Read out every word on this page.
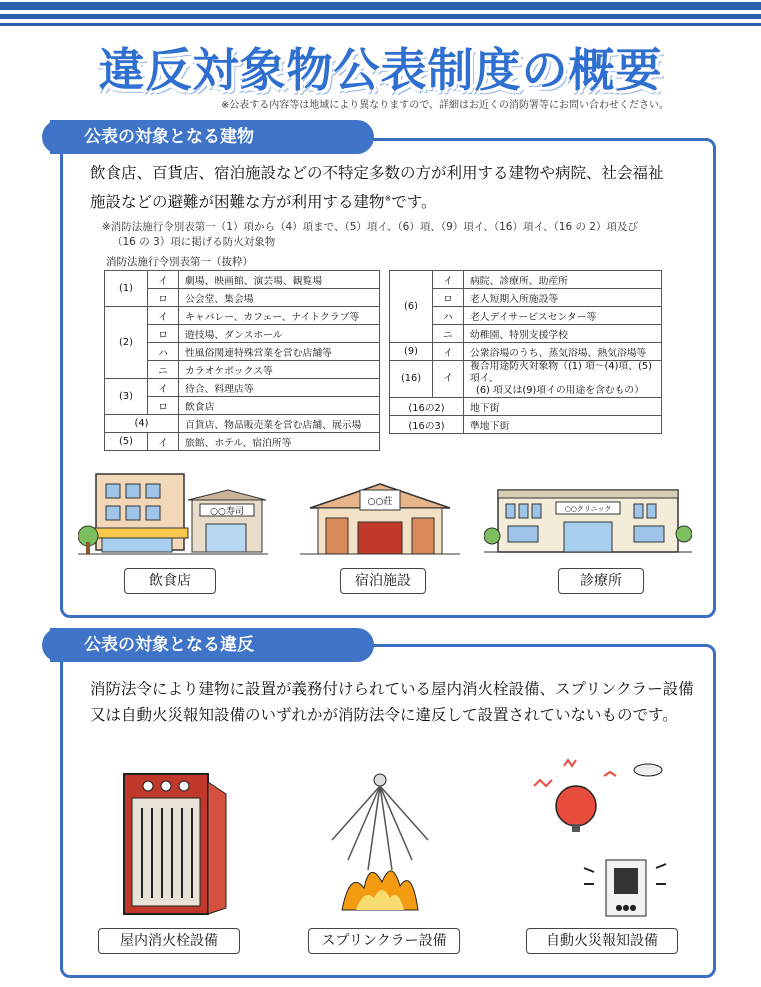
違反対象物公表制度の概要
※公表する内容等は地域により異なりますので、詳細はお近くの消防署等にお問い合わせください。
公表の対象となる建物
飲食店、百貨店、宿泊施設などの不特定多数の方が利用する建物や病院、社会福祉
施設などの避難が困難な方が利用する建物※です。
※消防法施行令別表第一（1）項から（4）項まで、（5）項イ、（6）項、（9）項イ、（16）項イ、（16 の 2）項及び
（16 の 3）項に掲げる防火対象物
消防法施行令別表第一（抜粋）
(1)	イ	劇場、映画館、演芸場、観覧場
	ロ	公会堂、集会場
(2)	イ	キャバレー、カフェー、ナイトクラブ等
	ロ	遊技場、ダンスホール
	ハ	性風俗関連特殊営業を営む店舗等
	ニ	カラオケボックス等
(3)	イ	待合、料理店等
	ロ	飲食店
(4)		百貨店、物品販売業を営む店舗、展示場
(5)	イ	旅館、ホテル、宿泊所等
(6)	イ	病院、診療所、助産所
	ロ	老人短期入所施設等
	ハ	老人デイサービスセンター等
	ニ	幼稚園、特別支援学校
(9)	イ	公衆浴場のうち、蒸気浴場、熱気浴場等
(16)	イ	複合用途防火対象物（(1) 項～(4)項、(5) 項イ、
(6) 項又は(9)項イの用途を含むもの）

(16の2)		地下街
(16の3)		準地下街
○○寿司
○○荘
○○クリニック
飲食店	宿泊施設	診療所
公表の対象となる違反
消防法令により建物に設置が義務付けられている屋内消火栓設備、スプリンクラー設備
又は自動火災報知設備のいずれかが消防法令に違反して設置されていないものです。
●●●
屋内消火栓設備	スプリンクラー設備	自動火災報知設備
